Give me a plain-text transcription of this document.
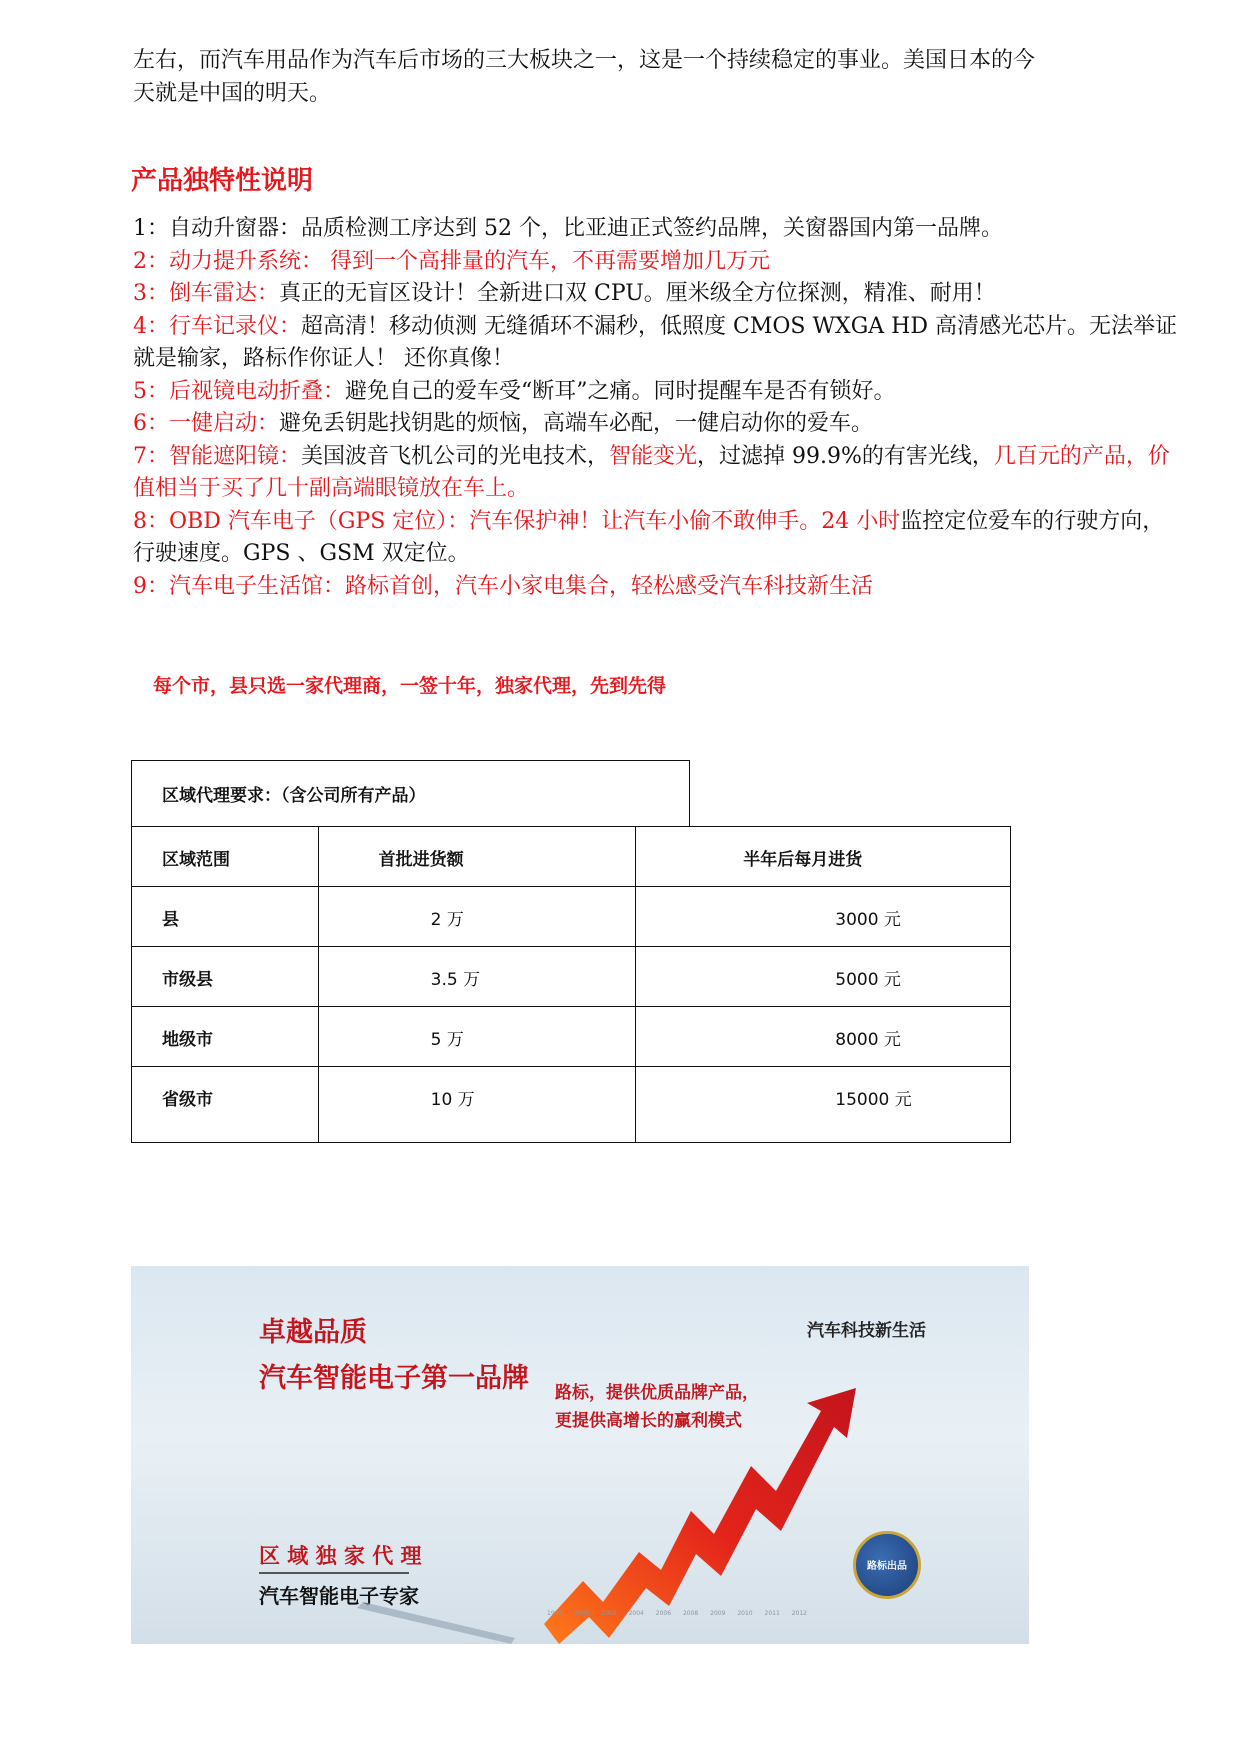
左右，而汽车用品作为汽车后市场的三大板块之一，这是一个持续稳定的事业。美国日本的今
天就是中国的明天。
产品独特性说明
1：自动升窗器：品质检测工序达到 52 个，比亚迪正式签约品牌，关窗器国内第一品牌。
2：动力提升系统： 得到一个高排量的汽车，不再需要增加几万元
3：倒车雷达：真正的无盲区设计！全新进口双 CPU。厘米级全方位探测，精准、耐用！
4：行车记录仪：超高清！移动侦测 无缝循环不漏秒，低照度 CMOS WXGA HD 高清感光芯片。无法举证就是输家，路标作你证人！ 还你真像！
5：后视镜电动折叠：避免自己的爱车受“断耳”之痛。同时提醒车是否有锁好。
6：一健启动：避免丢钥匙找钥匙的烦恼，高端车必配，一健启动你的爱车。
7：智能遮阳镜：美国波音飞机公司的光电技术，智能变光，过滤掉 99.9%的有害光线，几百元的产品，价值相当于买了几十副高端眼镜放在车上。
8：OBD 汽车电子（GPS 定位）：汽车保护神！让汽车小偷不敢伸手。24 小时监控定位爱车的行驶方向，行驶速度。GPS 、GSM 双定位。
9：汽车电子生活馆：路标首创，汽车小家电集合，轻松感受汽车科技新生活
每个市，县只选一家代理商，一签十年，独家代理，先到先得
区域代理要求：（含公司所有产品）
区域范围	首批进货额	半年后每月进货

县	2 万	3000 元

市级县	3.5 万	5000 元

地级市	5 万	8000 元

省级市	10 万	15000 元
卓越品质
汽车智能电子第一品牌
汽车科技新生活
路标，提供优质品牌产品，
更提供高增长的赢利模式
区 域 独 家 代 理
汽车智能电子专家
1998 2000 2002 2004 2006 2008 2009 2010 2011 2012
路标出品
